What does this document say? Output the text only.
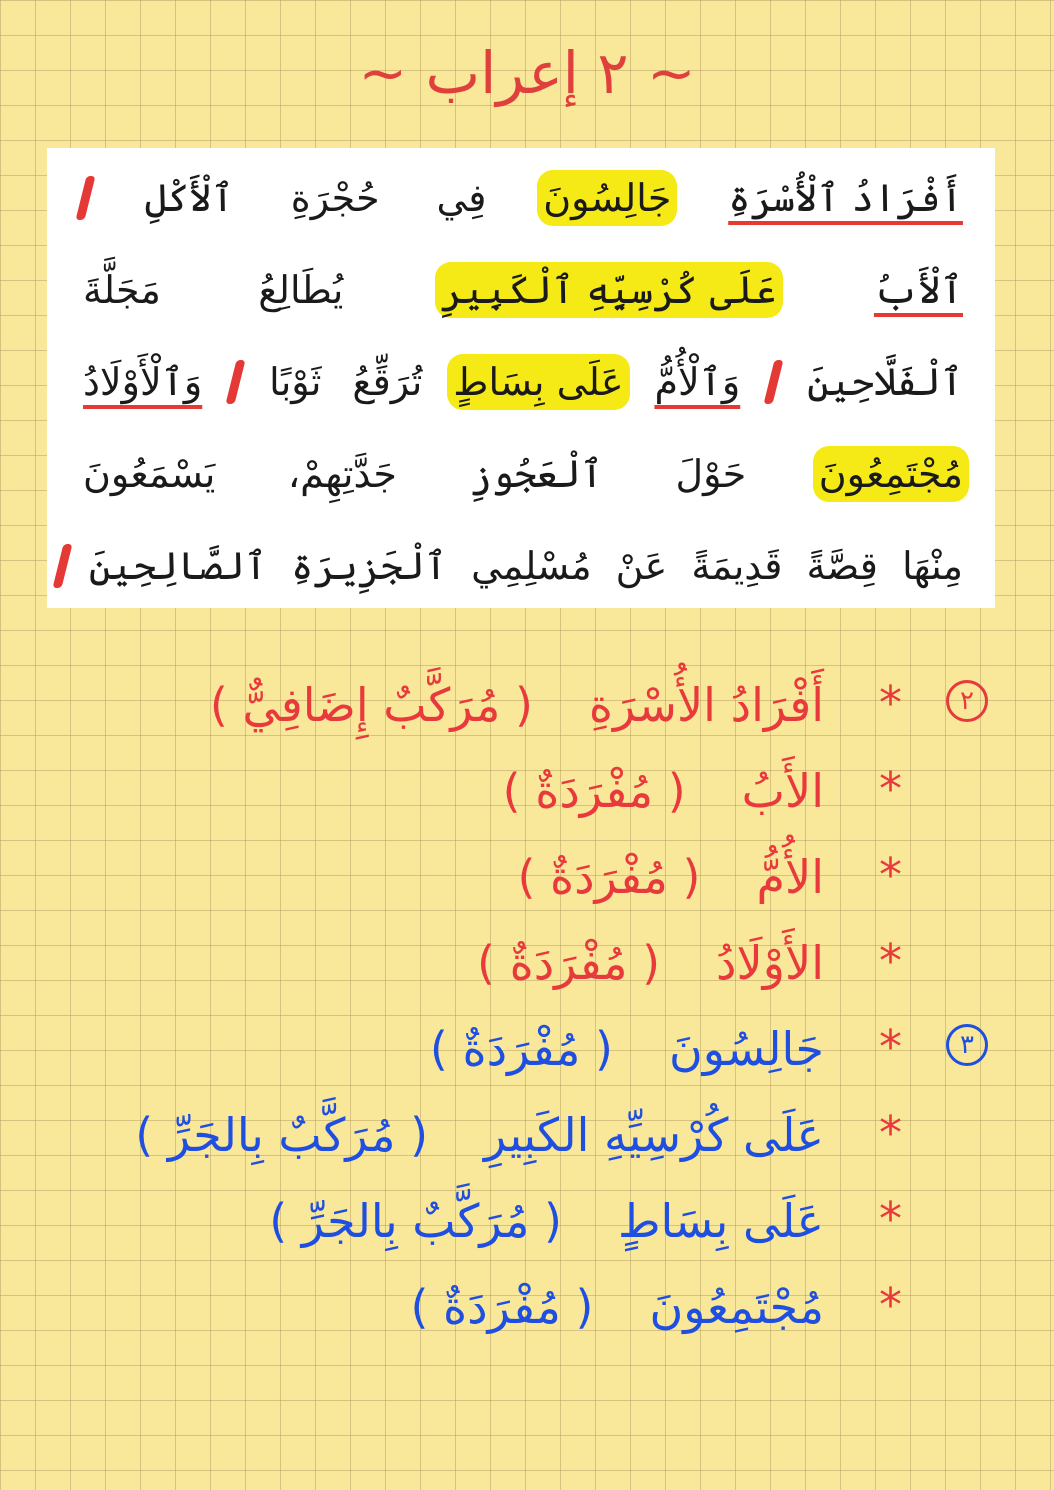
~ ٢ إعراب ~
أَفْرَادُ ٱلْأُسْرَةِ جَالِسُونَ فِي حُجْرَةِ ٱلْأَكْلِ
ٱلْأَبُ عَلَى كُرْسِيِّهِ ٱلْكَبِيرِ يُطَالِعُ مَجَلَّةَ
ٱلْفَلَّاحِينَ  وَٱلْأُمُّ عَلَى بِسَاطٍ تُرَقِّعُ ثَوْبًا  وَٱلْأَوْلَادُ
مُجْتَمِعُونَ حَوْلَ ٱلْعَجُوزِ جَدَّتِهِمْ، يَسْمَعُونَ
مِنْهَا قِصَّةً قَدِيمَةً عَنْ مُسْلِمِي ٱلْجَزِيرَةِ ٱلصَّالِحِينَ
٢
*
أَفْرَادُ الأُسْرَةِ( مُرَكَّبٌ إِضَافِيٌّ )
*
الأَبُ( مُفْرَدَةٌ )
*
الأُمُّ( مُفْرَدَةٌ )
*
الأَوْلَادُ( مُفْرَدَةٌ )
٣
*
جَالِسُونَ( مُفْرَدَةٌ )
*
عَلَى كُرْسِيِّهِ الكَبِيرِ( مُرَكَّبٌ بِالجَرِّ )
*
عَلَى بِسَاطٍ( مُرَكَّبٌ بِالجَرِّ )
*
مُجْتَمِعُونَ( مُفْرَدَةٌ )
